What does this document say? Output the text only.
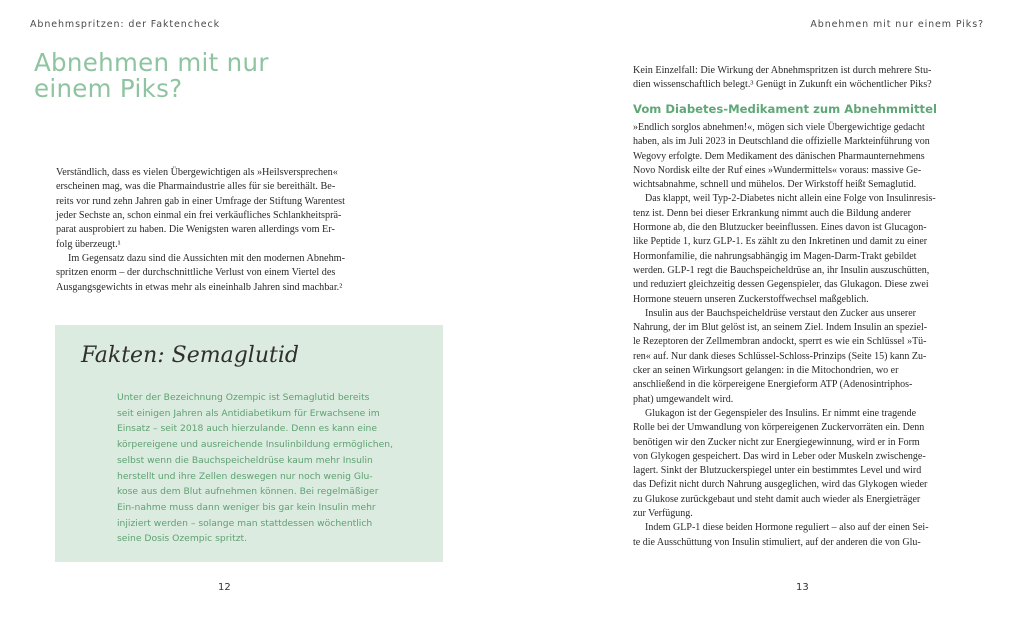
Abnehmspritzen: der Faktencheck	Abnehmen mit nur einem Piks?
Abnehmen mit nur
einem Piks?
Verständlich, dass es vielen Übergewichtigen als »Heilsversprechen«
erscheinen mag, was die Pharmaindustrie alles für sie bereithält. Be-
reits vor rund zehn Jahren gab in einer Umfrage der Stiftung Warentest
jeder Sechste an, schon einmal ein frei verkäufliches Schlankheitsprä-
parat ausprobiert zu haben. Die Wenigsten waren allerdings vom Er-
folg überzeugt.¹
Im Gegensatz dazu sind die Aussichten mit den modernen Abnehm-
spritzen enorm – der durchschnittliche Verlust von einem Viertel des
Ausgangsgewichts in etwas mehr als eineinhalb Jahren sind machbar.²
Fakten: Semaglutid
Unter der Bezeichnung Ozempic ist Semaglutid bereits
seit einigen Jahren als Antidiabetikum für Erwachsene im
Einsatz – seit 2018 auch hierzulande. Denn es kann eine
körpereigene und ausreichende Insulinbildung ermöglichen,
selbst wenn die Bauchspeicheldrüse kaum mehr Insulin
herstellt und ihre Zellen deswegen nur noch wenig Glu-
kose aus dem Blut aufnehmen können. Bei regelmäßiger
Ein-nahme muss dann weniger bis gar kein Insulin mehr
injiziert werden – solange man stattdessen wöchentlich
seine Dosis Ozempic spritzt.
12
Kein Einzelfall: Die Wirkung der Abnehmspritzen ist durch mehrere Stu-
dien wissenschaftlich belegt.³ Genügt in Zukunft ein wöchentlicher Piks?
Vom Diabetes-Medikament zum Abnehmmittel
»Endlich sorglos abnehmen!«, mögen sich viele Übergewichtige gedacht
haben, als im Juli 2023 in Deutschland die offizielle Markteinführung von
Wegovy erfolgte. Dem Medikament des dänischen Pharmaunternehmens
Novo Nordisk eilte der Ruf eines »Wundermittels« voraus: massive Ge-
wichtsabnahme, schnell und mühelos. Der Wirkstoff heißt Semaglutid.
Das klappt, weil Typ-2-Diabetes nicht allein eine Folge von Insulinresis-
tenz ist. Denn bei dieser Erkrankung nimmt auch die Bildung anderer
Hormone ab, die den Blutzucker beeinflussen. Eines davon ist Glucagon-
like Peptide 1, kurz GLP-1. Es zählt zu den Inkretinen und damit zu einer
Hormonfamilie, die nahrungsabhängig im Magen-Darm-Trakt gebildet
werden. GLP-1 regt die Bauchspeicheldrüse an, ihr Insulin auszuschütten,
und reduziert gleichzeitig dessen Gegenspieler, das Glukagon. Diese zwei
Hormone steuern unseren Zuckerstoffwechsel maßgeblich.
Insulin aus der Bauchspeicheldrüse verstaut den Zucker aus unserer
Nahrung, der im Blut gelöst ist, an seinem Ziel. Indem Insulin an speziel-
le Rezeptoren der Zellmembran andockt, sperrt es wie ein Schlüssel »Tü-
ren« auf. Nur dank dieses Schlüssel-Schloss-Prinzips (Seite 15) kann Zu-
cker an seinen Wirkungsort gelangen: in die Mitochondrien, wo er
anschließend in die körpereigene Energieform ATP (Adenosintriphos-
phat) umgewandelt wird.
Glukagon ist der Gegenspieler des Insulins. Er nimmt eine tragende
Rolle bei der Umwandlung von körpereigenen Zuckervorräten ein. Denn
benötigen wir den Zucker nicht zur Energiegewinnung, wird er in Form
von Glykogen gespeichert. Das wird in Leber oder Muskeln zwischenge-
lagert. Sinkt der Blutzuckerspiegel unter ein bestimmtes Level und wird
das Defizit nicht durch Nahrung ausgeglichen, wird das Glykogen wieder
zu Glukose zurückgebaut und steht damit auch wieder als Energieträger
zur Verfügung.
Indem GLP-1 diese beiden Hormone reguliert – also auf der einen Sei-
te die Ausschüttung von Insulin stimuliert, auf der anderen die von Glu-
13
